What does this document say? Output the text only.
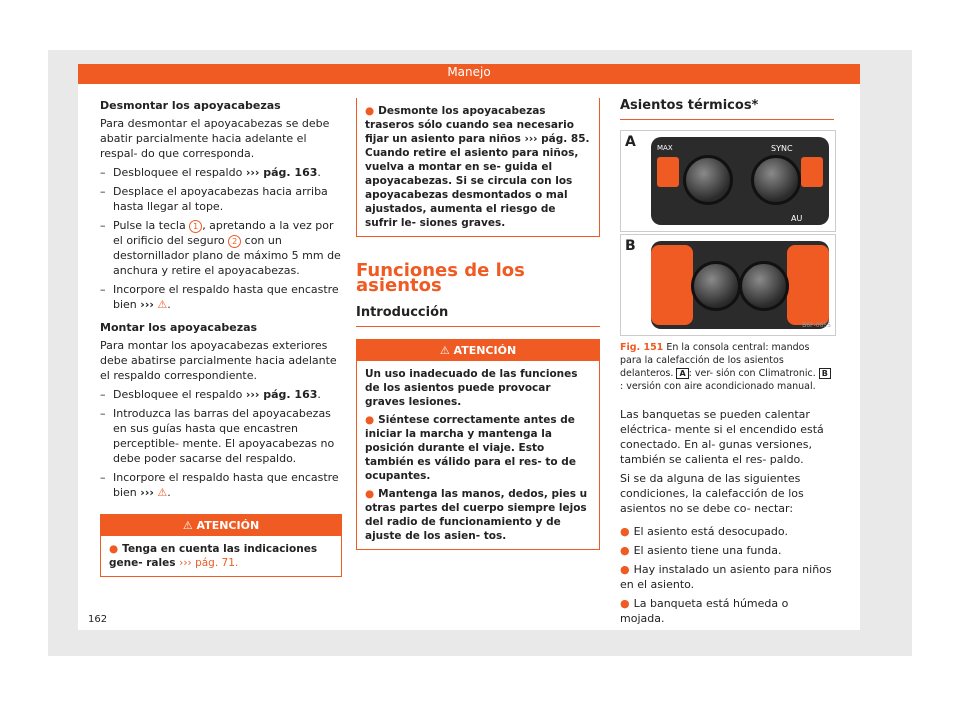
Manejo
Desmontar los apoyacabezas

Para desmontar el apoyacabezas se debe abatir parcialmente hacia adelante el respal- do que corresponda.

– Desbloquee el respaldo ››› pág. 163.
– Desplace el apoyacabezas hacia arriba hasta llegar al tope.
– Pulse la tecla 1 , apretando a la vez por el orificio del seguro 2 con un destornillador plano de máximo 5 mm de anchura y retire el apoyacabezas.
– Incorpore el respaldo hasta que encastre bien ››› ⚠.
Montar los apoyacabezas

Para montar los apoyacabezas exteriores debe abatirse parcialmente hacia adelante el respaldo correspondiente.

– Desbloquee el respaldo ››› pág. 163.
– Introduzca las barras del apoyacabezas en sus guías hasta que encastren perceptible- mente. El apoyacabezas no debe poder sacarse del respaldo.
– Incorpore el respaldo hasta que encastre bien ››› ⚠.
⚠ ATENCIÓN
● Tenga en cuenta las indicaciones gene- rales ››› pág. 71.
● Desmonte los apoyacabezas traseros sólo cuando sea necesario fijar un asiento para niños ››› pág. 85. Cuando retire el asiento para niños, vuelva a montar en se- guida el apoyacabezas. Si se circula con los apoyacabezas desmontados o mal ajustados, aumenta el riesgo de sufrir le- siones graves.
Funciones de los asientos
Introducción
⚠ ATENCIÓN
Un uso inadecuado de las funciones de los asientos puede provocar graves lesiones.
● Siéntese correctamente antes de iniciar la marcha y mantenga la posición durante el viaje. Esto también es válido para el res- to de ocupantes.
● Mantenga las manos, dedos, pies u otras partes del cuerpo siempre lejos del radio de funcionamiento y de ajuste de los asien- tos.
Asientos térmicos*
A	MAX	SYNC
AU
B
B6F-0055
Fig. 151 En la consola central: mandos para la calefacción de los asientos delanteros. A : ver- sión con Climatronic. B: versión con aire acondicionado manual.

Las banquetas se pueden calentar eléctrica- mente si el encendido está conectado. En al- gunas versiones, también se calienta el res- paldo.

Si se da alguna de las siguientes condiciones, la calefacción de los asientos no se debe co- nectar:

● El asiento está desocupado.
● El asiento tiene una funda.
● Hay instalado un asiento para niños en el asiento.
● La banqueta está húmeda o mojada.
162
